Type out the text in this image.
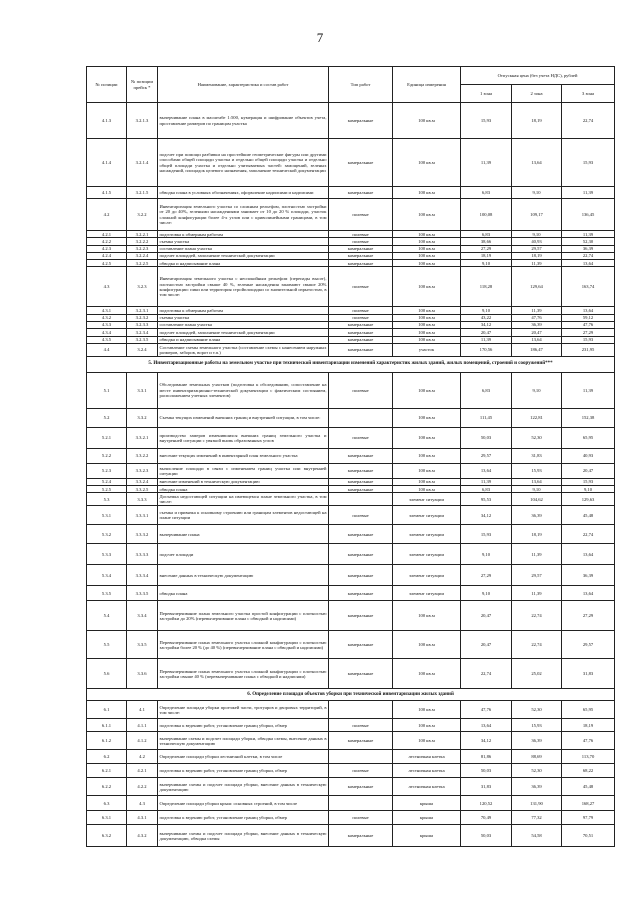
7
№ позиции	№ позиции прейск *	Наименование, характеристика и состав работ	Тип работ	Единица измерения	Отпускная цена (без учета НДС), рублей		
					1 зона	2 зона	3 зона
4.1.3	3.2.1.3	вычерчивание плана в масштабе 1:500, нумерация и шифрование объектов учета, проставление размеров по границам участка	камеральные	100 кв.м	15,93	18,19	22,74
4.1.4	3.2.1.4	подсчет при помощи разбивки на простейшие геометрические фигуры или другими способами общей площади участка и отдельно общей площади участка и отдельно общей площади участка и отдельно учитываемых частей: замощений, зеленых насаждений, площадок целевого назначения, заполнение технической документации	камеральные	100 кв.м	11,39	13,64	15,93
4.1.5	3.2.1.5	обводка плана в условных обозначениях, оформление надписями и надписями	камеральные	100 кв.м	6,83	9,10	11,39
4.2	3.2.2	Инвентаризация земельного участка со сложным рельефом, плотностью застройки от 20 до 40%, зелеными насаждениями занимает от 10 до 20 % площади, участок сложной конфигурации более 4-х углов или с криволинейными границами, в том числе:	полевые	100 кв.м	100,08	109,17	136,45
4.2.1	3.2.2.1	подготовка к обмерным работам	полевые	100 кв.м	6,83	9,10	11,39
4.2.2	3.2.2.2	съемка участка	полевые	100 кв.м	38,66	40,93	52,30
4.2.3	3.2.2.3	составление плана участка	камеральные	100 кв.м	27,29	29,57	36,39
4.2.4	3.2.2.4	подсчет площадей, заполнение технической документации	камеральные	100 кв.м	18,19	18,19	22,74
4.2.5	3.2.2.5	обводка и надписывание плана	камеральные	100 кв.м	9,10	11,39	13,64
4.3	3.2.3	Инвентаризация земельного участка с неспокойным рельефом (перепады высот), плотностью застройки свыше 40 %, зеленые насаждения занимают свыше 20% конфигурации: пики или территория стройплощадки со значительной изрытостью, в том числе:	полевые	100 кв.м	118,28	129,64	163,74
4.3.1	3.2.3.1	подготовка к обмерным работам	полевые	100 кв.м	9,10	11,39	13,64
4.3.2	3.2.3.2	съемка участка	полевые	100 кв.м	43,22	47,76	59,12
4.3.3	3.2.3.3	составление плана участка	камеральные	100 кв.м	34,12	36,39	47,76
4.3.4	3.2.3.4	подсчет площадей, заполнение технической документации	камеральные	100 кв.м	20,47	20,47	27,29
4.3.5	3.2.3.5	обводка и надписывание плана	камеральные	100 кв.м	11,39	13,64	15,93
4.4	3.2.4	Составление схемы земельного участка (составление схемы с нанесением наружных размеров, заборов, ворот и т.п.)	камеральные	участок	170,56	186,47	231,95
5. Инвентаризационные работы на земельном участке при технической инвентаризации изменений характеристик жилых зданий, жилых помещений, строений и сооружений***							
5.1	3.3.1	Обследование земельных участков (подготовка к обследованию, сопоставление на месте инвентаризационно-технической документации с фактическим состоянием, расположением учетных элементов)	полевые	100 кв.м	6,83	9,10	11,39
5.2	3.3.2	Съемка текущих изменений внешних границ и внутренней ситуации, в том числе:		100 кв.м	111,45	122,81	152,38
5.2.1	3.3.2.1	производство замеров изменившихся внешних границ земельного участка и внутренней ситуации с увязкой вновь образованных углов	полевые	100 кв.м	50,03	52,30	65,95
5.2.2	3.3.2.2	внесение текущих изменений в инвентарный план земельного участка	камеральные	100 кв.м	29,57	31,83	40,93
5.2.3	3.3.2.3	вычисление площади в связи с изменением границ участка или внутренней ситуации	камеральные	100 кв.м	13,64	15,93	20,47
5.2.4	3.3.2.4	внесение изменений в техническую документацию	камеральные	100 кв.м	11,39	13,64	15,93
5.2.5	3.3.2.5	обводка плана	камеральные	100 кв.м	6,83	9,10	9,10
5.3	3.3.3	Досъемка недостающей ситуации на имеющемся плане земельного участка, в том числе:		элемент ситуации	95,53	104,62	129,63
5.3.1	3.3.3.1	съемка и привязка к основному строению или границам элементов недостающей на плане ситуации	полевые	элемент ситуации	34,12	36,39	45,48
5.3.2	3.3.3.2	вычерчивание плана	камеральные	элемент ситуации	15,93	18,19	22,74
5.3.3	3.3.3.3	подсчет площади	камеральные	элемент ситуации	9,10	11,39	13,64
5.3.4	3.3.3.4	внесение данных в техническую документацию	камеральные	элемент ситуации	27,29	29,57	36,39
5.3.5	3.3.3.5	обводка плана	камеральные	элемент ситуации	9,10	11,39	13,64
5.4	3.3.4	Перевычерчивание плана земельного участка простой конфигурации с плотностью застройки до 20% (перевычерчивание плана с обводкой и надписями)	камеральные	100 кв.м	20,47	22,74	27,29
5.5	3.3.5	Перевычерчивание плана земельного участка сложной конфигурации с плотностью застройки более 20 % (до 40 %) (перевычерчивание плана с обводкой и надписями)	камеральные	100 кв.м	20,47	22,74	29,57
5.6	3.3.6	Перевычерчивание плана земельного участка сложной конфигурации с плотностью застройки свыше 40 % (перевычерчивание плана с обводкой и надписями)	камеральные	100 кв.м	22,74	25,02	31,83
6. Определение площади объектов уборки при технической инвентаризации жилых зданий							
6.1	4.1	Определение площади уборки проезжей части, тротуаров и дворовых территорий, в том числе:		100 кв.м	47,76	52,30	65,95
6.1.1	4.1.1	подготовка к ведению работ, установление границ уборки, обмер	полевые	100 кв.м	13,64	15,93	18,19
6.1.2	4.1.2	вычерчивание схемы и подсчет площади уборки, обводка схемы, внесение данных в техническую документацию	камеральные	100 кв.м	34,12	36,39	47,76
6.2	4.2	Определение площади уборки лестничной клетки, в том числе		лестничная клетка	81,86	88,69	113,70
6.2.1	4.2.1	подготовка к ведению работ, установление границ уборки, обмер	полевые	лестничная клетка	50,03	52,30	68,22
6.2.2	4.2.2	вычерчивание схемы и подсчет площади уборки, внесение данных в техническую документацию	камеральные	лестничная клетка	31,83	36,39	45,48
6.3	4.3	Определение площади уборки крыш: основных строений, в том числе		крыша	120,52	131,90	168,27
6.3.1	4.3.1	подготовка к ведению работ, установление границ уборки, обмер	полевые	крыша	70,49	77,32	97,79
6.3.2	4.3.2	вычерчивание схемы и подсчет площади уборки, внесение данных в техническую документацию, обводка схемы	камеральные	крыша	50,03	54,58	70,51
